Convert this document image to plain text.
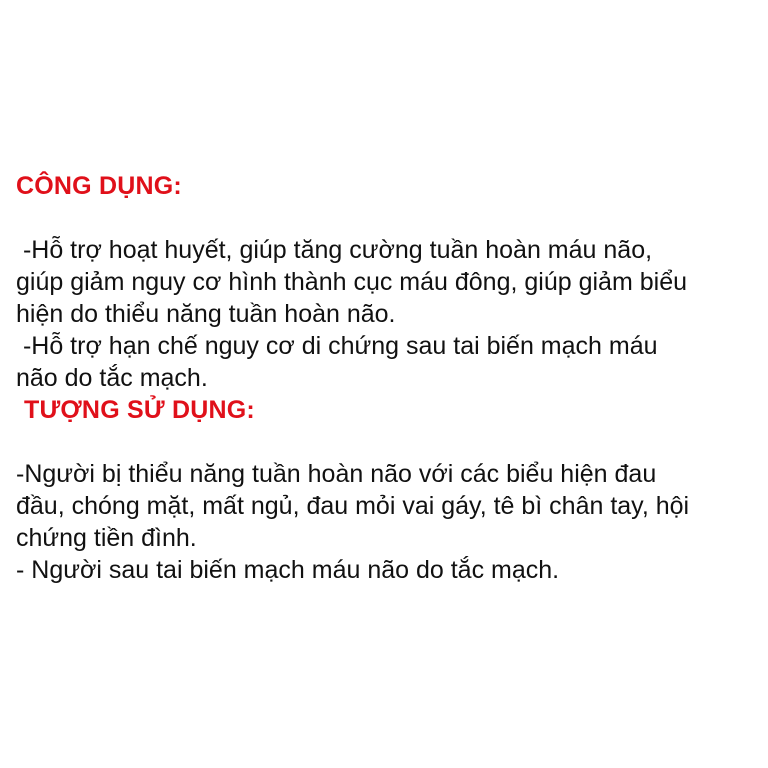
CÔNG DỤNG:

-Hỗ trợ hoạt huyết, giúp tăng cường tuần hoàn máu não,

giúp giảm nguy cơ hình thành cục máu đông, giúp giảm biểu

hiện do thiểu năng tuần hoàn não.

-Hỗ trợ hạn chế nguy cơ di chứng sau tai biến mạch máu

não do tắc mạch.

TƯỢNG SỬ DỤNG:

-Người bị thiểu năng tuần hoàn não với các biểu hiện đau

đầu, chóng mặt, mất ngủ, đau mỏi vai gáy, tê bì chân tay, hội

chứng tiền đình.

- Người sau tai biến mạch máu não do tắc mạch.
